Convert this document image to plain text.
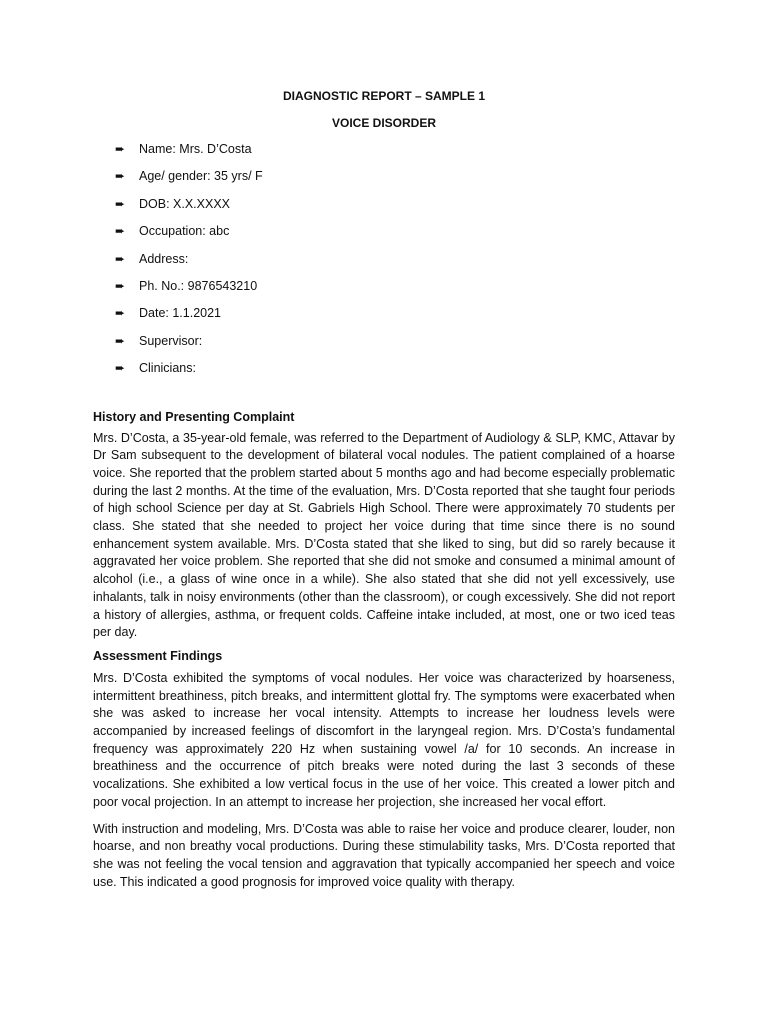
DIAGNOSTIC REPORT – SAMPLE 1

VOICE DISORDER

➨ Name: Mrs. D’Costa
➨ Age/ gender: 35 yrs/ F
➨ DOB: X.X.XXXX
➨ Occupation: abc
➨ Address:
➨ Ph. No.: 9876543210
➨ Date: 1.1.2021
➨ Supervisor:
➨ Clinicians:

History and Presenting Complaint

Mrs. D’Costa, a 35-year-old female, was referred to the Department of Audiology & SLP, KMC, Attavar by Dr Sam subsequent to the development of bilateral vocal nodules. The patient complained of a hoarse voice. She reported that the problem started about 5 months ago and had become especially problematic during the last 2 months. At the time of the evaluation, Mrs. D’Costa reported that she taught four periods of high school Science per day at St. Gabriels High School. There were approximately 70 students per class. She stated that she needed to project her voice during that time since there is no sound enhancement system available. Mrs. D’Costa stated that she liked to sing, but did so rarely because it aggravated her voice problem. She reported that she did not smoke and consumed a minimal amount of alcohol (i.e., a glass of wine once in a while). She also stated that she did not yell excessively, use inhalants, talk in noisy environments (other than the classroom), or cough excessively. She did not report a history of allergies, asthma, or frequent colds. Caffeine intake included, at most, one or two iced teas per day.

Assessment Findings

Mrs. D’Costa exhibited the symptoms of vocal nodules. Her voice was characterized by hoarseness, intermittent breathiness, pitch breaks, and intermittent glottal fry. The symptoms were exacerbated when she was asked to increase her vocal intensity. Attempts to increase her loudness levels were accompanied by increased feelings of discomfort in the laryngeal region. Mrs. D’Costa’s fundamental frequency was approximately 220 Hz when sustaining vowel /a/ for 10 seconds. An increase in breathiness and the occurrence of pitch breaks were noted during the last 3 seconds of these vocalizations. She exhibited a low vertical focus in the use of her voice. This created a lower pitch and poor vocal projection. In an attempt to increase her projection, she increased her vocal effort.

With instruction and modeling, Mrs. D’Costa was able to raise her voice and produce clearer, louder, non hoarse, and non breathy vocal productions. During these stimulability tasks, Mrs. D’Costa reported that she was not feeling the vocal tension and aggravation that typically accompanied her speech and voice use. This indicated a good prognosis for improved voice quality with therapy.
